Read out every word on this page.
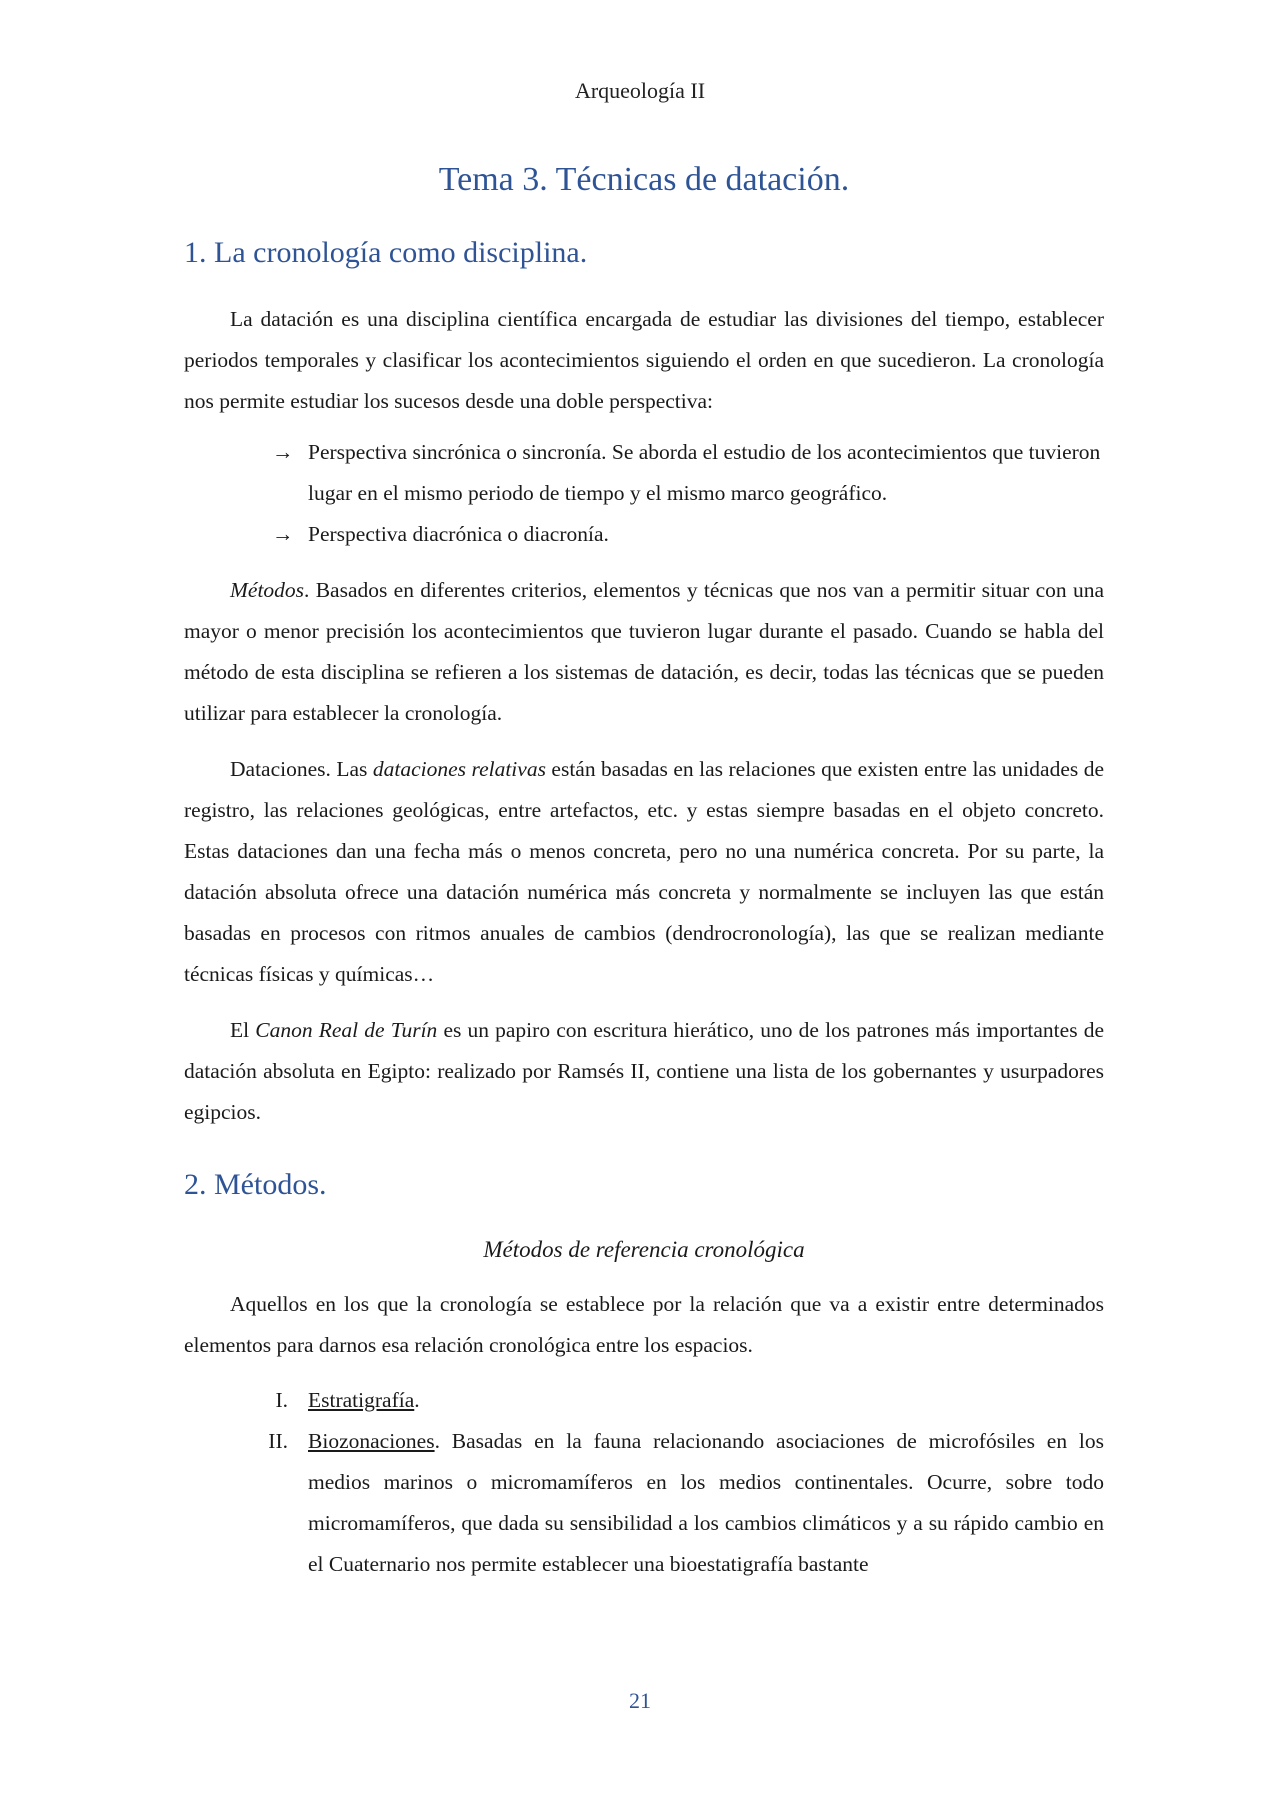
Arqueología II
Tema 3. Técnicas de datación.
1. La cronología como disciplina.

La datación es una disciplina científica encargada de estudiar las divisiones del tiempo, establecer periodos temporales y clasificar los acontecimientos siguiendo el orden en que sucedieron. La cronología nos permite estudiar los sucesos desde una doble perspectiva:

→ Perspectiva sincrónica o sincronía. Se aborda el estudio de los acontecimientos que tuvieron lugar en el mismo periodo de tiempo y el mismo marco geográfico.
→ Perspectiva diacrónica o diacronía.

Métodos. Basados en diferentes criterios, elementos y técnicas que nos van a permitir situar con una mayor o menor precisión los acontecimientos que tuvieron lugar durante el pasado. Cuando se habla del método de esta disciplina se refieren a los sistemas de datación, es decir, todas las técnicas que se pueden utilizar para establecer la cronología.

Dataciones. Las dataciones relativas están basadas en las relaciones que existen entre las unidades de registro, las relaciones geológicas, entre artefactos, etc. y estas siempre basadas en el objeto concreto. Estas dataciones dan una fecha más o menos concreta, pero no una numérica concreta. Por su parte, la datación absoluta ofrece una datación numérica más concreta y normalmente se incluyen las que están basadas en procesos con ritmos anuales de cambios (dendrocronología), las que se realizan mediante técnicas físicas y químicas…

El Canon Real de Turín es un papiro con escritura hierático, uno de los patrones más importantes de datación absoluta en Egipto: realizado por Ramsés II, contiene una lista de los gobernantes y usurpadores egipcios.

2. Métodos.
Métodos de referencia cronológica

Aquellos en los que la cronología se establece por la relación que va a existir entre determinados elementos para darnos esa relación cronológica entre los espacios.

I. Estratigrafía.
II. Biozonaciones. Basadas en la fauna relacionando asociaciones de microfósiles en los medios marinos o micromamíferos en los medios continentales. Ocurre, sobre todo micromamíferos, que dada su sensibilidad a los cambios climáticos y a su rápido cambio en el Cuaternario nos permite establecer una bioestatigrafía bastante
21
